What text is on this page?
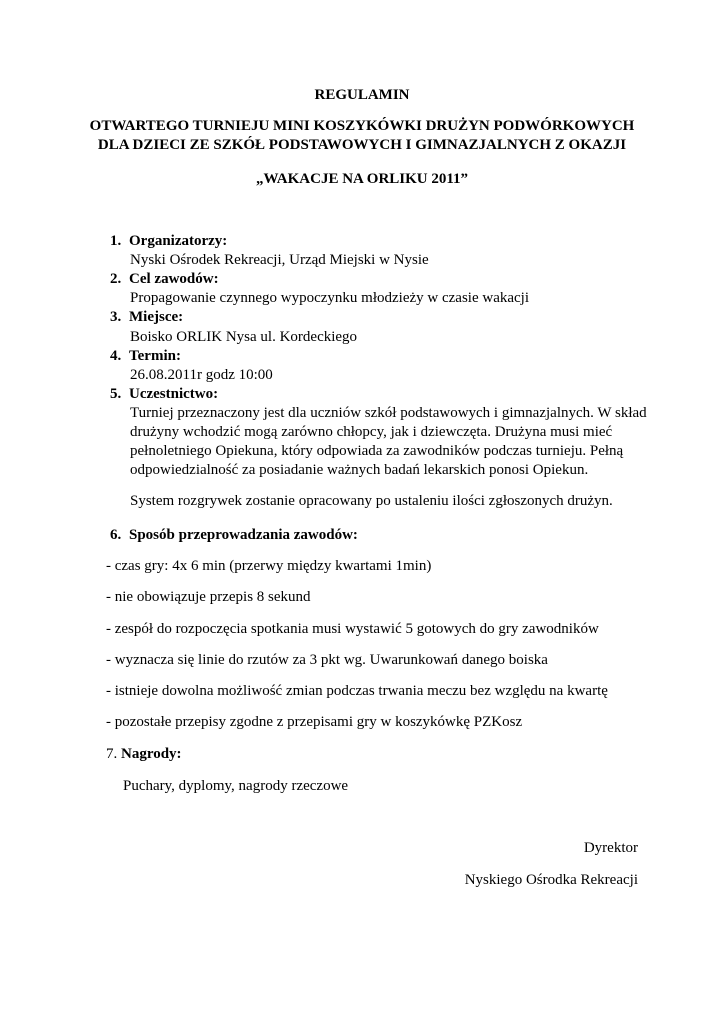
REGULAMIN
OTWARTEGO TURNIEJU MINI KOSZYKÓWKI DRUŻYN PODWÓRKOWYCH
DLA DZIECI ZE SZKÓŁ PODSTAWOWYCH I GIMNAZJALNYCH Z OKAZJI
„WAKACJE NA ORLIKU 2011”
1. Organizatorzy:
Nyski Ośrodek Rekreacji, Urząd Miejski w Nysie
2. Cel zawodów:
Propagowanie czynnego wypoczynku młodzieży w czasie wakacji
3. Miejsce:
Boisko ORLIK Nysa ul. Kordeckiego
4. Termin:
26.08.2011r godz 10:00
5. Uczestnictwo:
Turniej przeznaczony jest dla uczniów szkół podstawowych i gimnazjalnych. W skład
drużyny wchodzić mogą zarówno chłopcy, jak i dziewczęta. Drużyna musi mieć
pełnoletniego Opiekuna, który odpowiada za zawodników podczas turnieju. Pełną
odpowiedzialność za posiadanie ważnych badań lekarskich ponosi Opiekun.
System rozgrywek zostanie opracowany po ustaleniu ilości zgłoszonych drużyn.
6. Sposób przeprowadzania zawodów:
- czas gry: 4x 6 min (przerwy między kwartami 1min)
- nie obowiązuje przepis 8 sekund
- zespół do rozpoczęcia spotkania musi wystawić 5 gotowych do gry zawodników
- wyznacza się linie do rzutów za 3 pkt wg. Uwarunkowań danego boiska
- istnieje dowolna możliwość zmian podczas trwania meczu bez względu na kwartę
- pozostałe przepisy zgodne z przepisami gry w koszykówkę PZKosz
7. Nagrody:
Puchary, dyplomy, nagrody rzeczowe
Dyrektor
Nyskiego Ośrodka Rekreacji
